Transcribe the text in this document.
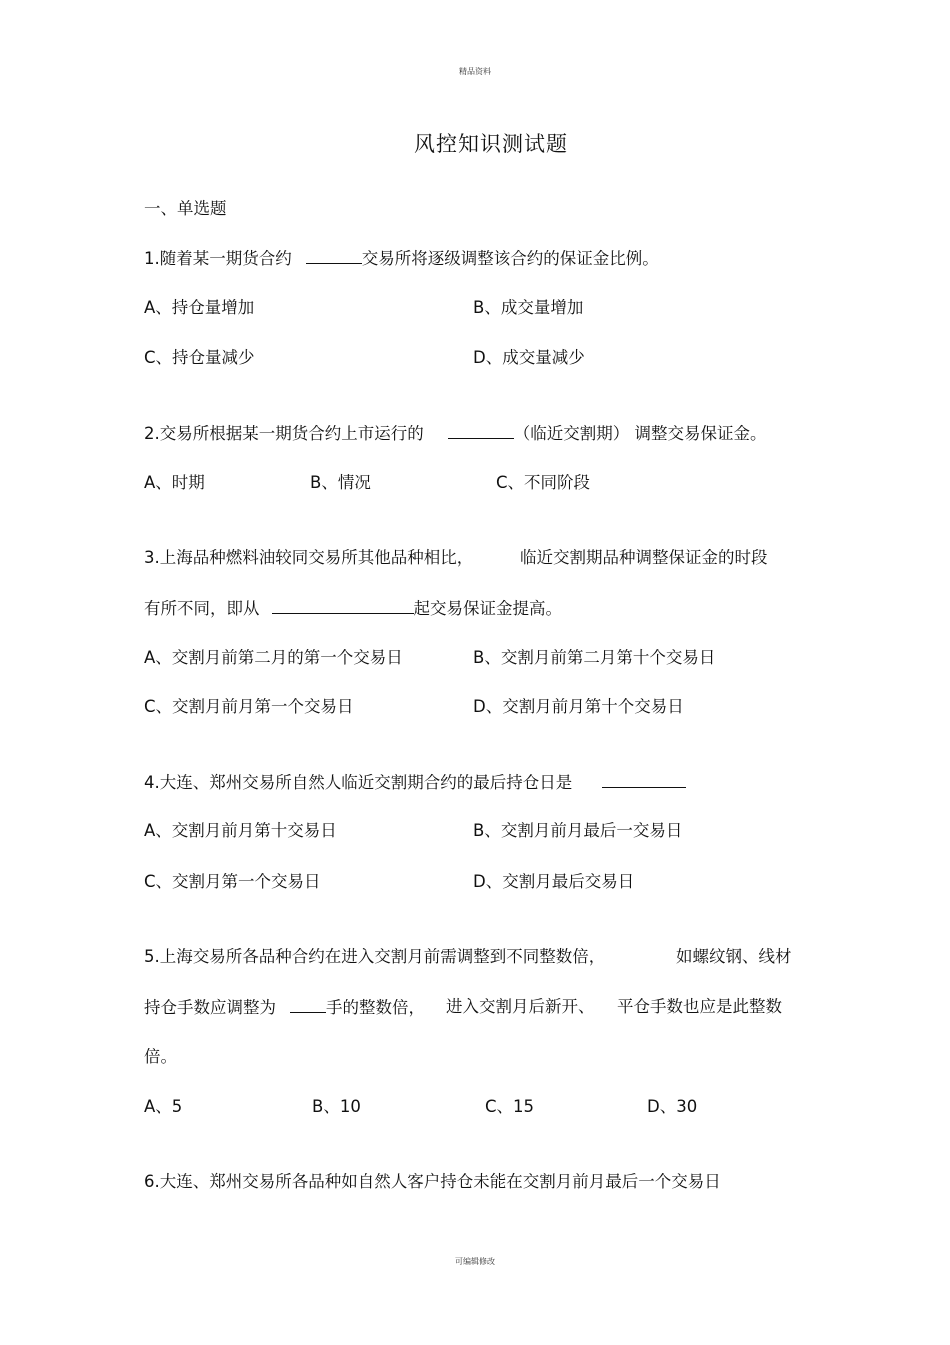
精品资料
风控知识测试题
一、单选题
1. 随着某一期货合约	交易所将逐级调整该合约的保证金比例。
A、持仓量增加	B、成交量增加
C、持仓量减少	D、成交量减少
2. 交易所根据某一期货合约上市运行的	（临近交割期） 调整交易保证金。
A、时期	B、情况	C、不同阶段
3. 上海品种燃料油较同交易所其他品种相比，	临近交割期品种调整保证金的时段
有所不同，即从	起交易保证金提高。
A、交割月前第二月的第一个交易日	B、交割月前第二月第十个交易日
C、交割月前月第一个交易日	D、交割月前月第十个交易日
4. 大连、郑州交易所自然人临近交割期合约的最后持仓日是
A、交割月前月第十交易日	B、交割月前月最后一交易日
C、交割月第一个交易日	D、交割月最后交易日
5. 上海交易所各品种合约在进入交割月前需调整到不同整数倍，	如螺纹钢、线材
持仓手数应调整为	手的整数倍， 进入交割月后新开、 平仓手数也应是此整数
倍。
A、5	B、10	C、15	D、30
6. 大连、郑州交易所各品种如自然人客户持仓未能在交割月前月最后一个交易日
可编辑修改
